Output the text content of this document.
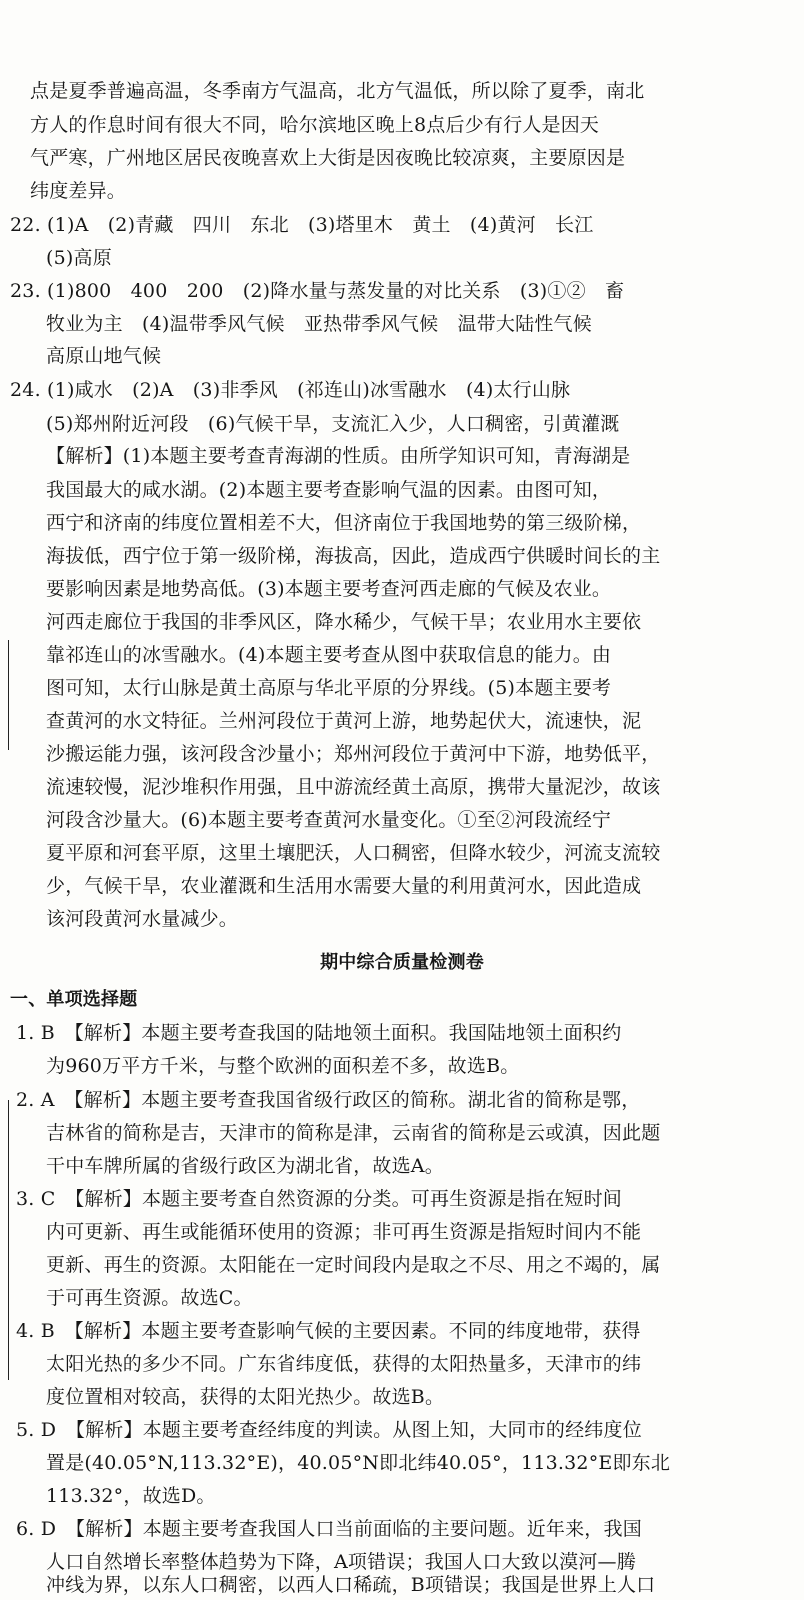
点是夏季普遍高温，冬季南方气温高，北方气温低，所以除了夏季，南北
方人的作息时间有很大不同，哈尔滨地区晚上8点后少有行人是因天
气严寒，广州地区居民夜晚喜欢上大街是因夜晚比较凉爽，主要原因是
纬度差异。
22. (1)A　(2)青藏　四川　东北　(3)塔里木　黄土　(4)黄河　长江
(5)高原
23. (1)800　400　200　(2)降水量与蒸发量的对比关系　(3)①②　畜
牧业为主　(4)温带季风气候　亚热带季风气候　温带大陆性气候
高原山地气候
24. (1)咸水　(2)A　(3)非季风　(祁连山)冰雪融水　(4)太行山脉
(5)郑州附近河段　(6)气候干旱，支流汇入少，人口稠密，引黄灌溉
【解析】(1)本题主要考查青海湖的性质。由所学知识可知，青海湖是
我国最大的咸水湖。(2)本题主要考查影响气温的因素。由图可知，
西宁和济南的纬度位置相差不大，但济南位于我国地势的第三级阶梯，
海拔低，西宁位于第一级阶梯，海拔高，因此，造成西宁供暖时间长的主
要影响因素是地势高低。(3)本题主要考查河西走廊的气候及农业。
河西走廊位于我国的非季风区，降水稀少，气候干旱；农业用水主要依
靠祁连山的冰雪融水。(4)本题主要考查从图中获取信息的能力。由
图可知，太行山脉是黄土高原与华北平原的分界线。(5)本题主要考
查黄河的水文特征。兰州河段位于黄河上游，地势起伏大，流速快，泥
沙搬运能力强，该河段含沙量小；郑州河段位于黄河中下游，地势低平，
流速较慢，泥沙堆积作用强，且中游流经黄土高原，携带大量泥沙，故该
河段含沙量大。(6)本题主要考查黄河水量变化。①至②河段流经宁
夏平原和河套平原，这里土壤肥沃，人口稠密，但降水较少，河流支流较
少，气候干旱，农业灌溉和生活用水需要大量的利用黄河水，因此造成
该河段黄河水量减少。
期中综合质量检测卷
一、单项选择题
1. B　【解析】本题主要考查我国的陆地领土面积。我国陆地领土面积约
为960万平方千米，与整个欧洲的面积差不多，故选B。
2. A　【解析】本题主要考查我国省级行政区的简称。湖北省的简称是鄂，
吉林省的简称是吉，天津市的简称是津，云南省的简称是云或滇，因此题
干中车牌所属的省级行政区为湖北省，故选A。
3. C　【解析】本题主要考查自然资源的分类。可再生资源是指在短时间
内可更新、再生或能循环使用的资源；非可再生资源是指短时间内不能
更新、再生的资源。太阳能在一定时间段内是取之不尽、用之不竭的，属
于可再生资源。故选C。
4. B　【解析】本题主要考查影响气候的主要因素。不同的纬度地带，获得
太阳光热的多少不同。广东省纬度低，获得的太阳热量多，天津市的纬
度位置相对较高，获得的太阳光热少。故选B。
5. D　【解析】本题主要考查经纬度的判读。从图上知，大同市的经纬度位
置是(40.05°N,113.32°E)，40.05°N即北纬40.05°，113.32°E即东北
113.32°，故选D。
6. D　【解析】本题主要考查我国人口当前面临的主要问题。近年来，我国
人口自然增长率整体趋势为下降，A项错误；我国人口大致以漠河—腾
冲线为界，以东人口稠密，以西人口稀疏，B项错误；我国是世界上人口
